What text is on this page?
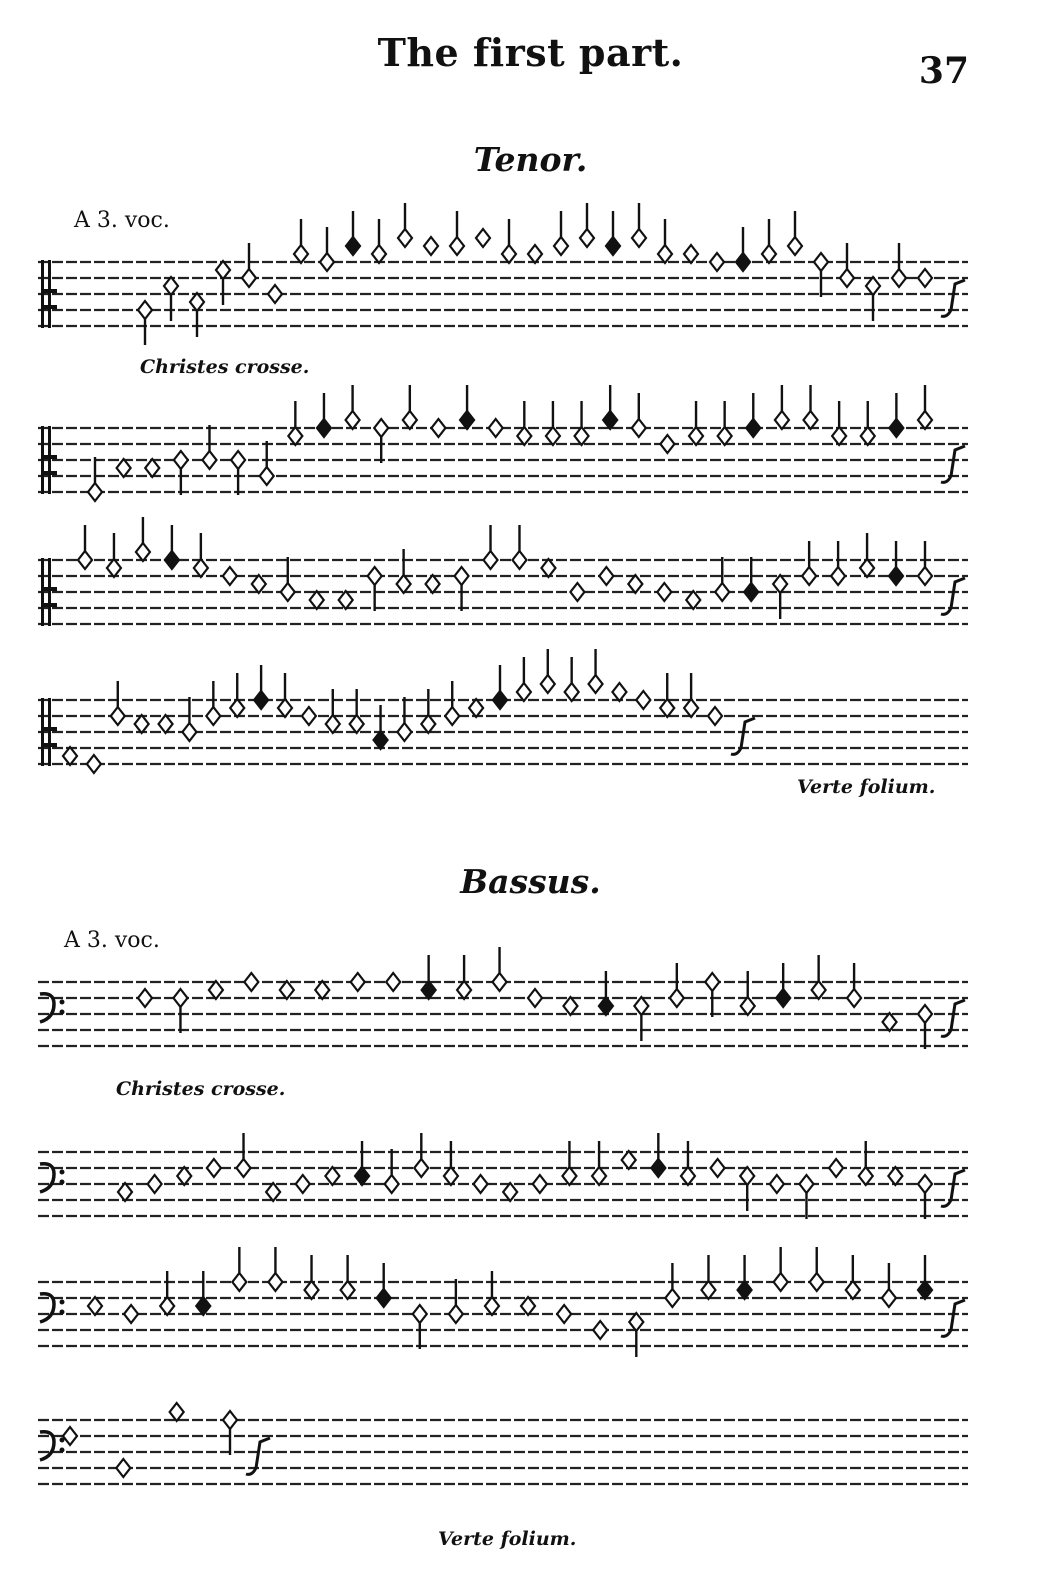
The first part.	37
Tenor.
A 3. voc.
Christes crosse.
Verte folium.
Bassus.
A 3. voc.
Christes crosse.
Verte folium.
